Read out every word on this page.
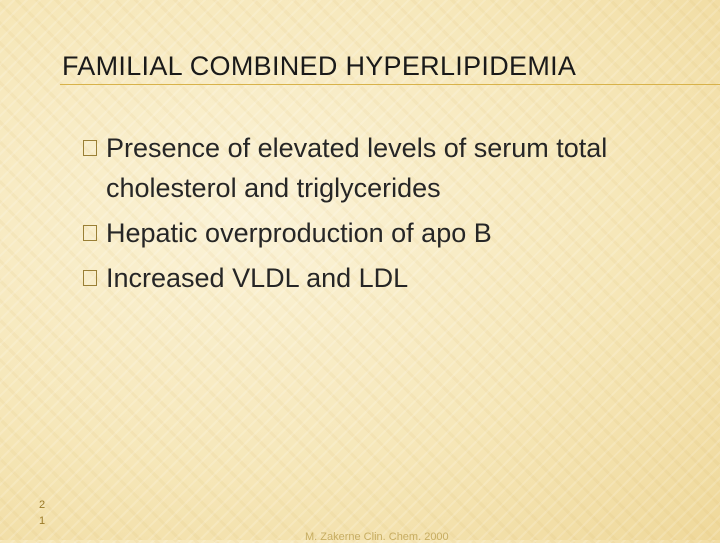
FAMILIAL COMBINED HYPERLIPIDEMIA
Presence of elevated levels of serum total cholesterol and triglycerides
Hepatic overproduction of apo B
Increased VLDL and LDL
2
1
M. Zakerne Clin. Chem. 2000
